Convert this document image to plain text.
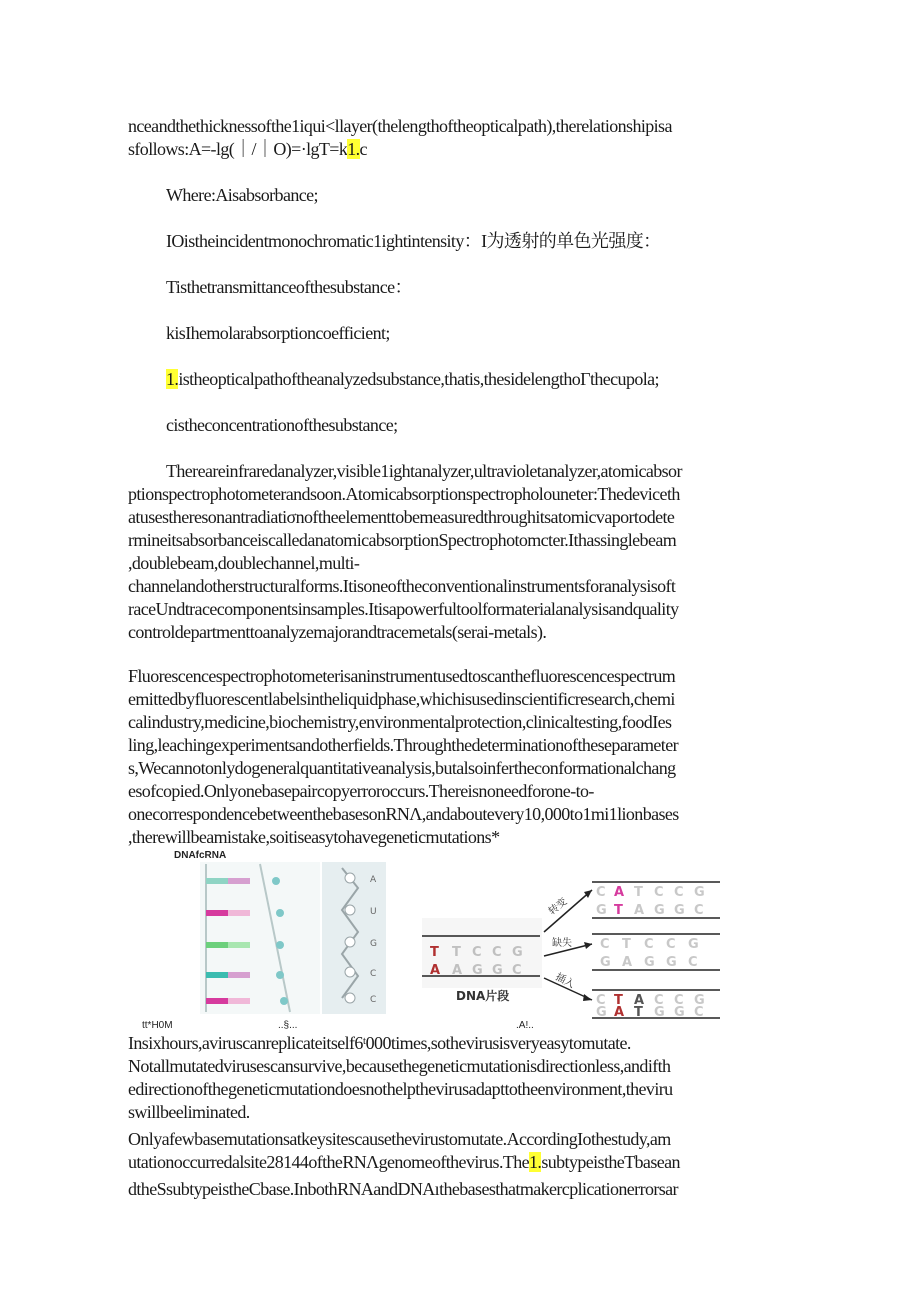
nceandthethicknessofthe1iqui<llayer(thelengthoftheopticalpath),therelationshipisa
sfollows:A=-lg(｜/｜O)=·lgT=k1.c
Where:Aisabsorbance;
IOistheincidentmonochromatic1ightintensity：I为透射的单色光强度：
Tisthetransmittanceofthesubstance：
kisIhemolarabsorptioncoefficient;
1.istheopticalpathoftheanalyzedsubstance,thatis,thesidelengthoΓthecupola;
cistheconcentrationofthesubstance;
Thereareinfraredanalyzer,visible1ightanalyzer,ultravioletanalyzer,atomicabsor
ptionspectrophotometerandsoon.Atomicabsorptionspectropholouneter:Thedeviceth
atusestheresonantradiatiσnoftheelementtobemeasuredthroughitsatomicvaportodete
rmineitsabsorbanceiscalledanatomicabsorptionSpectrophotomcter.Ithassinglebeam
,doublebeam,doublechannel,multi-
channelandotherstructuralforms.Itisoneoftheconventionalinstrumentsforanalysisoft
raceUndtracecomponentsinsamples.Itisapowerfultoolformaterialanalysisandquality
controldepartmenttoanalyzemajorandtracemetals(serai-metals).
Fluorescencespectrophotometerisaninstrumentusedtoscanthefluorescencespectrum
emittedbyfluorescentlabelsintheliquidphase,whichisusedinscientificresearch,chemi
calindustry,medicine,biochemistry,environmentalprotection,clinicaltesting,foodIes
ling,leachingexperimentsandotherfields.Throughthedeterminationoftheseparameter
s,Wecannotonlydogeneralquantitativeanalysis,butalsoinfertheconformationalchang
esofcopied.Onlyonebasepaircopyerroroccurs.Thereisnoneedforone-to-
onecorrespondencebetweenthebasesonRNΛ,andaboutevery10,000to1mi1lionbases
,therewillbeamistake,soitiseasytohavegeneticmutations*
DNAfcRNA
A
U
G
C
C
T T C C G
A A G G C
DNA片段
转变
缺失
插入
C A T C C G
G T A G G C
C T C C G
G A G G C
C T A C C G
G A T G G C
tt*H0M	..§...	.A!..
Insixhours,aviruscanreplicateitself6ᵗ000times,sothevirusisveryeasytomutate.
Notallmutatedvirusescansurvive,becausethegeneticmutationisdirectionless,andifth
edirectionofthegeneticmutationdoesnothelpthevirusadapttotheenvironment,theviru
swillbeeliminated.
Onlyafewbasemutationsatkeysitescausethevirustomutate.AccordingIothestudy,am
utationoccurredalsite28144oftheRNΛgenomeofthevirus.The1.subtypeistheTbasean
dtheSsubtypeistheCbase.InbothRNAandDNAıthebasesthatmakercplicationerrorsar
